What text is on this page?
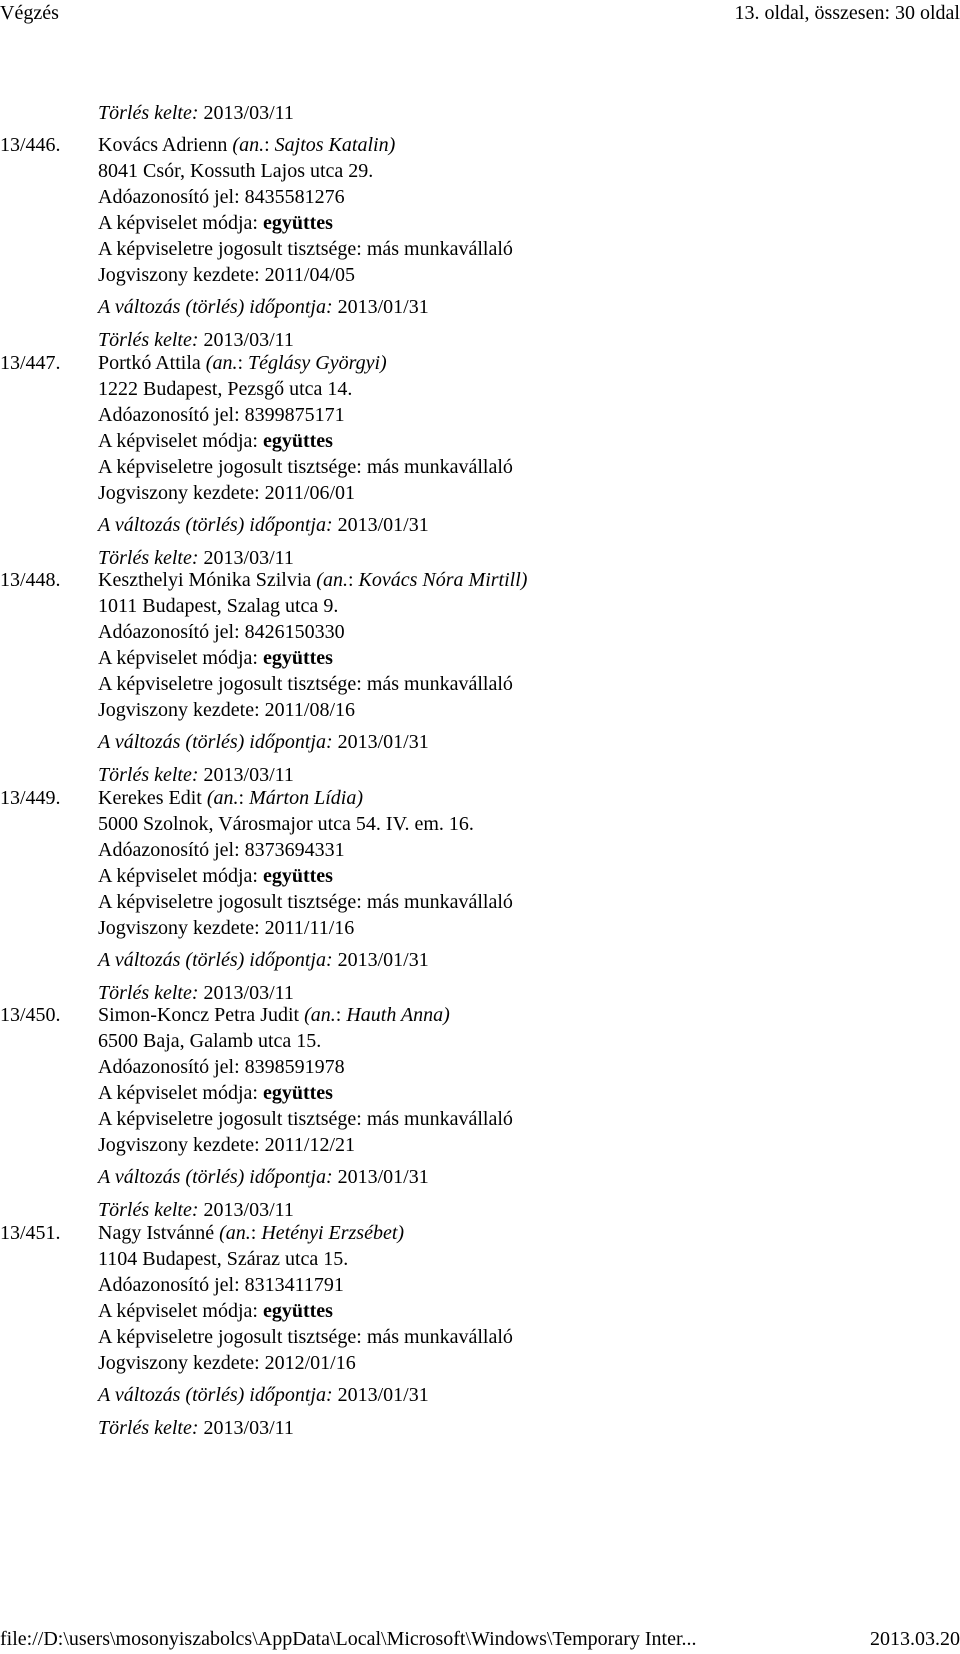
Végzés	13. oldal, összesen: 30 oldal
Törlés kelte: 2013/03/11
13/446. Kovács Adrienn (an.: Sajtos Katalin)
8041 Csór, Kossuth Lajos utca 29.
Adóazonosító jel: 8435581276
A képviselet módja: együttes
A képviseletre jogosult tisztsége: más munkavállaló
Jogviszony kezdete: 2011/04/05
A változás (törlés) időpontja: 2013/01/31
Törlés kelte: 2013/03/11
13/447. Portkó Attila (an.: Téglásy Györgyi)
1222 Budapest, Pezsgő utca 14.
Adóazonosító jel: 8399875171
A képviselet módja: együttes
A képviseletre jogosult tisztsége: más munkavállaló
Jogviszony kezdete: 2011/06/01
A változás (törlés) időpontja: 2013/01/31
Törlés kelte: 2013/03/11
13/448. Keszthelyi Mónika Szilvia (an.: Kovács Nóra Mirtill)
1011 Budapest, Szalag utca 9.
Adóazonosító jel: 8426150330
A képviselet módja: együttes
A képviseletre jogosult tisztsége: más munkavállaló
Jogviszony kezdete: 2011/08/16
A változás (törlés) időpontja: 2013/01/31
Törlés kelte: 2013/03/11
13/449. Kerekes Edit (an.: Márton Lídia)
5000 Szolnok, Városmajor utca 54. IV. em. 16.
Adóazonosító jel: 8373694331
A képviselet módja: együttes
A képviseletre jogosult tisztsége: más munkavállaló
Jogviszony kezdete: 2011/11/16
A változás (törlés) időpontja: 2013/01/31
Törlés kelte: 2013/03/11
13/450. Simon-Koncz Petra Judit (an.: Hauth Anna)
6500 Baja, Galamb utca 15.
Adóazonosító jel: 8398591978
A képviselet módja: együttes
A képviseletre jogosult tisztsége: más munkavállaló
Jogviszony kezdete: 2011/12/21
A változás (törlés) időpontja: 2013/01/31
Törlés kelte: 2013/03/11
13/451. Nagy Istvánné (an.: Hetényi Erzsébet)
1104 Budapest, Száraz utca 15.
Adóazonosító jel: 8313411791
A képviselet módja: együttes
A képviseletre jogosult tisztsége: más munkavállaló
Jogviszony kezdete: 2012/01/16
A változás (törlés) időpontja: 2013/01/31
Törlés kelte: 2013/03/11
file://D:\users\mosonyiszabolcs\AppData\Local\Microsoft\Windows\Temporary Inter...	2013.03.20
